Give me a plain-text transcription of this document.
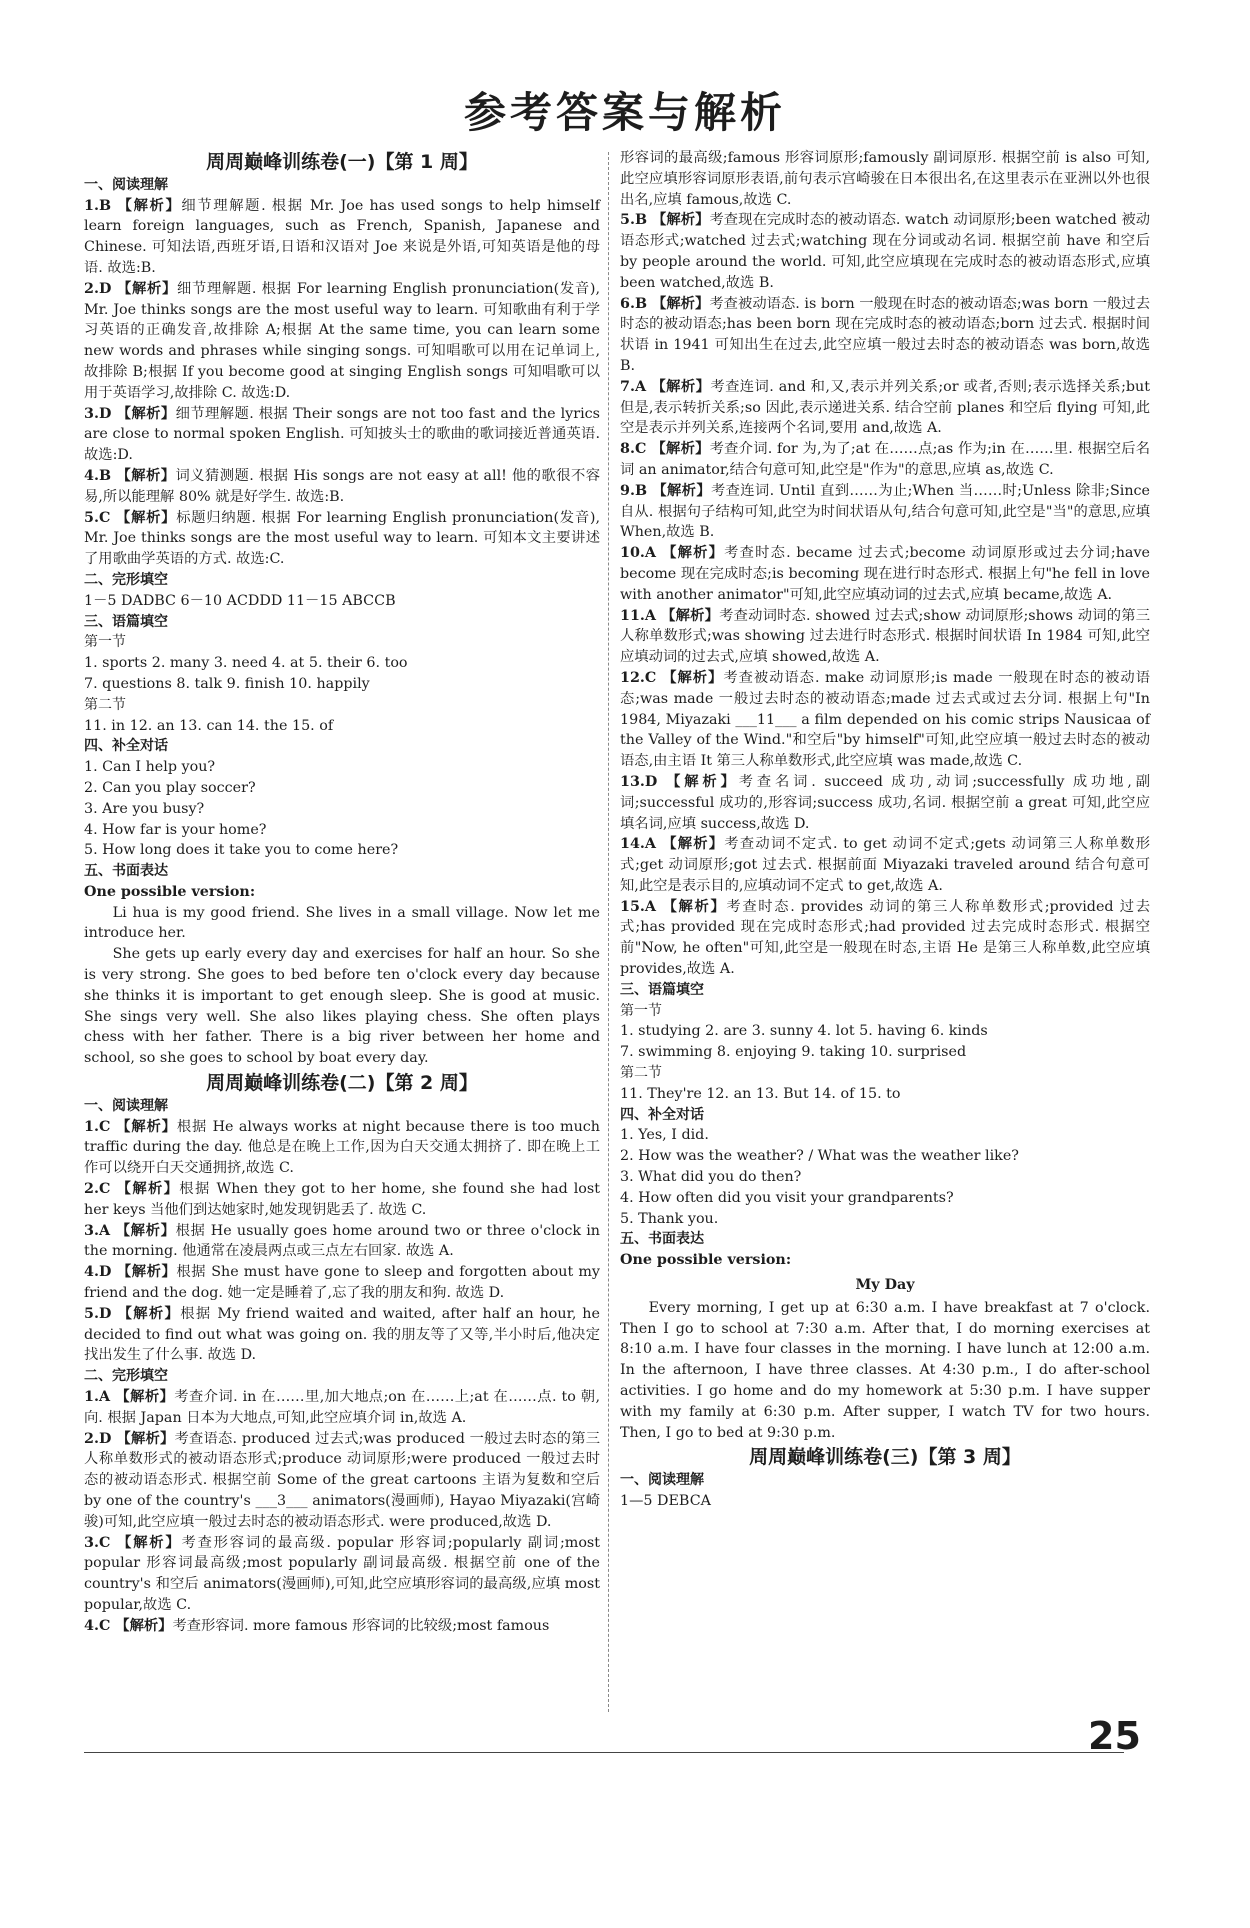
参考答案与解析
周周巅峰训练卷(一)【第 1 周】
一、阅读理解
1.B 【解析】细节理解题. 根据 Mr. Joe has used songs to help himself learn foreign languages, such as French, Spanish, Japanese and Chinese. 可知法语,西班牙语,日语和汉语对 Joe 来说是外语,可知英语是他的母语. 故选:B.
2.D 【解析】细节理解题. 根据 For learning English pronunciation(发音), Mr. Joe thinks songs are the most useful way to learn. 可知歌曲有利于学习英语的正确发音,故排除 A;根据 At the same time, you can learn some new words and phrases while singing songs. 可知唱歌可以用在记单词上,故排除 B;根据 If you become good at singing English songs 可知唱歌可以用于英语学习,故排除 C. 故选:D.
3.D 【解析】细节理解题. 根据 Their songs are not too fast and the lyrics are close to normal spoken English. 可知披头士的歌曲的歌词接近普通英语. 故选:D.
4.B 【解析】词义猜测题. 根据 His songs are not easy at all! 他的歌很不容易,所以能理解 80% 就是好学生. 故选:B.
5.C 【解析】标题归纳题. 根据 For learning English pronunciation(发音), Mr. Joe thinks songs are the most useful way to learn. 可知本文主要讲述了用歌曲学英语的方式. 故选:C.
二、完形填空
1－5 DADBC 6－10 ACDDD 11－15 ABCCB
三、语篇填空
第一节
1. sports 2. many 3. need 4. at 5. their 6. too
7. questions 8. talk 9. finish 10. happily
第二节
11. in 12. an 13. can 14. the 15. of
四、补全对话
1. Can I help you?
2. Can you play soccer?
3. Are you busy?
4. How far is your home?
5. How long does it take you to come here?
五、书面表达
One possible version:
Li hua is my good friend. She lives in a small village. Now let me introduce her.
She gets up early every day and exercises for half an hour. So she is very strong. She goes to bed before ten o'clock every day because she thinks it is important to get enough sleep. She is good at music. She sings very well. She also likes playing chess. She often plays chess with her father. There is a big river between her home and school, so she goes to school by boat every day.
周周巅峰训练卷(二)【第 2 周】
一、阅读理解
1.C 【解析】根据 He always works at night because there is too much traffic during the day. 他总是在晚上工作,因为白天交通太拥挤了. 即在晚上工作可以绕开白天交通拥挤,故选 C.
2.C 【解析】根据 When they got to her home, she found she had lost her keys 当他们到达她家时,她发现钥匙丢了. 故选 C.
3.A 【解析】根据 He usually goes home around two or three o'clock in the morning. 他通常在凌晨两点或三点左右回家. 故选 A.
4.D 【解析】根据 She must have gone to sleep and forgotten about my friend and the dog. 她一定是睡着了,忘了我的朋友和狗. 故选 D.
5.D 【解析】根据 My friend waited and waited, after half an hour, he decided to find out what was going on. 我的朋友等了又等,半小时后,他决定找出发生了什么事. 故选 D.
二、完形填空
1.A 【解析】考查介词. in 在……里,加大地点;on 在……上;at 在……点. to 朝,向. 根据 Japan 日本为大地点,可知,此空应填介词 in,故选 A.
2.D 【解析】考查语态. produced 过去式;was produced 一般过去时态的第三人称单数形式的被动语态形式;produce 动词原形;were produced 一般过去时态的被动语态形式. 根据空前 Some of the great cartoons 主语为复数和空后 by one of the country's ___3___ animators(漫画师), Hayao Miyazaki(宫崎骏)可知,此空应填一般过去时态的被动语态形式. were produced,故选 D.
3.C 【解析】考查形容词的最高级. popular 形容词;popularly 副词;most popular 形容词最高级;most popularly 副词最高级. 根据空前 one of the country's 和空后 animators(漫画师),可知,此空应填形容词的最高级,应填 most popular,故选 C.
4.C 【解析】考查形容词. more famous 形容词的比较级;most famous
形容词的最高级;famous 形容词原形;famously 副词原形. 根据空前 is also 可知,此空应填形容词原形表语,前句表示宫崎骏在日本很出名,在这里表示在亚洲以外也很出名,应填 famous,故选 C.
5.B 【解析】考查现在完成时态的被动语态. watch 动词原形;been watched 被动语态形式;watched 过去式;watching 现在分词或动名词. 根据空前 have 和空后 by people around the world. 可知,此空应填现在完成时态的被动语态形式,应填 been watched,故选 B.
6.B 【解析】考查被动语态. is born 一般现在时态的被动语态;was born 一般过去时态的被动语态;has been born 现在完成时态的被动语态;born 过去式. 根据时间状语 in 1941 可知出生在过去,此空应填一般过去时态的被动语态 was born,故选 B.
7.A 【解析】考查连词. and 和,又,表示并列关系;or 或者,否则;表示选择关系;but 但是,表示转折关系;so 因此,表示递进关系. 结合空前 planes 和空后 flying 可知,此空是表示并列关系,连接两个名词,要用 and,故选 A.
8.C 【解析】考查介词. for 为,为了;at 在……点;as 作为;in 在……里. 根据空后名词 an animator,结合句意可知,此空是"作为"的意思,应填 as,故选 C.
9.B 【解析】考查连词. Until 直到……为止;When 当……时;Unless 除非;Since 自从. 根据句子结构可知,此空为时间状语从句,结合句意可知,此空是"当"的意思,应填 When,故选 B.
10.A 【解析】考查时态. became 过去式;become 动词原形或过去分词;have become 现在完成时态;is becoming 现在进行时态形式. 根据上句"he fell in love with another animator"可知,此空应填动词的过去式,应填 became,故选 A.
11.A 【解析】考查动词时态. showed 过去式;show 动词原形;shows 动词的第三人称单数形式;was showing 过去进行时态形式. 根据时间状语 In 1984 可知,此空应填动词的过去式,应填 showed,故选 A.
12.C 【解析】考查被动语态. make 动词原形;is made 一般现在时态的被动语态;was made 一般过去时态的被动语态;made 过去式或过去分词. 根据上句"In 1984, Miyazaki ___11___ a film depended on his comic strips Nausicaa of the Valley of the Wind."和空后"by himself"可知,此空应填一般过去时态的被动语态,由主语 It 第三人称单数形式,此空应填 was made,故选 C.
13.D 【解析】考查名词. succeed 成功,动词;successfully 成功地,副词;successful 成功的,形容词;success 成功,名词. 根据空前 a great 可知,此空应填名词,应填 success,故选 D.
14.A 【解析】考查动词不定式. to get 动词不定式;gets 动词第三人称单数形式;get 动词原形;got 过去式. 根据前面 Miyazaki traveled around 结合句意可知,此空是表示目的,应填动词不定式 to get,故选 A.
15.A 【解析】考查时态. provides 动词的第三人称单数形式;provided 过去式;has provided 现在完成时态形式;had provided 过去完成时态形式. 根据空前"Now, he often"可知,此空是一般现在时态,主语 He 是第三人称单数,此空应填 provides,故选 A.
三、语篇填空
第一节
1. studying 2. are 3. sunny 4. lot 5. having 6. kinds
7. swimming 8. enjoying 9. taking 10. surprised
第二节
11. They're 12. an 13. But 14. of 15. to
四、补全对话
1. Yes, I did.
2. How was the weather? / What was the weather like?
3. What did you do then?
4. How often did you visit your grandparents?
5. Thank you.
五、书面表达
One possible version:
My Day
Every morning, I get up at 6:30 a.m. I have breakfast at 7 o'clock. Then I go to school at 7:30 a.m. After that, I do morning exercises at 8:10 a.m. I have four classes in the morning. I have lunch at 12:00 a.m. In the afternoon, I have three classes. At 4:30 p.m., I do after-school activities. I go home and do my homework at 5:30 p.m. I have supper with my family at 6:30 p.m. After supper, I watch TV for two hours. Then, I go to bed at 9:30 p.m.
周周巅峰训练卷(三)【第 3 周】
一、阅读理解
1—5 DEBCA
25
